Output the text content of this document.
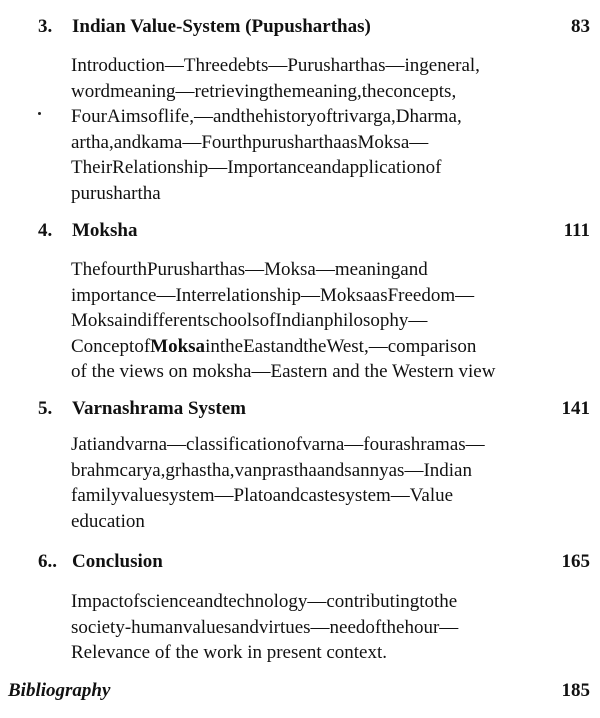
3. Indian Value-System (Pupusharthas)	83
Introduction—Threedebts—Purusharthas—ingeneral,
wordmeaning—retrievingthemeaning,theconcepts,
FourAimsoflife,—andthehistoryoftrivarga,Dharma,
artha,andkama—FourthpurusharthaasMoksa—
TheirRelationship—Importanceandapplicationof
purushartha
4. Moksha	111
ThefourthPurusharthas—Moksa—meaningand
importance—Interrelationship—MoksaasFreedom—
MoksaindifferentschoolsofIndianphilosophy—
ConceptofMoksaintheEastandtheWest,—comparison
of the views on moksha—Eastern and the Western view
5. Varnashrama System	141
Jatiandvarna—classificationofvarna—fourashramas—
brahmcarya,grhastha,vanprasthaandsannyas—Indian
familyvaluesystem—Platoandcastesystem—Value
education
6.. Conclusion	165
Impactofscienceandtechnology—contributingtothe
society-humanvaluesandvirtues—needofthehour—
Relevance of the work in present context.
Bibliography	185
